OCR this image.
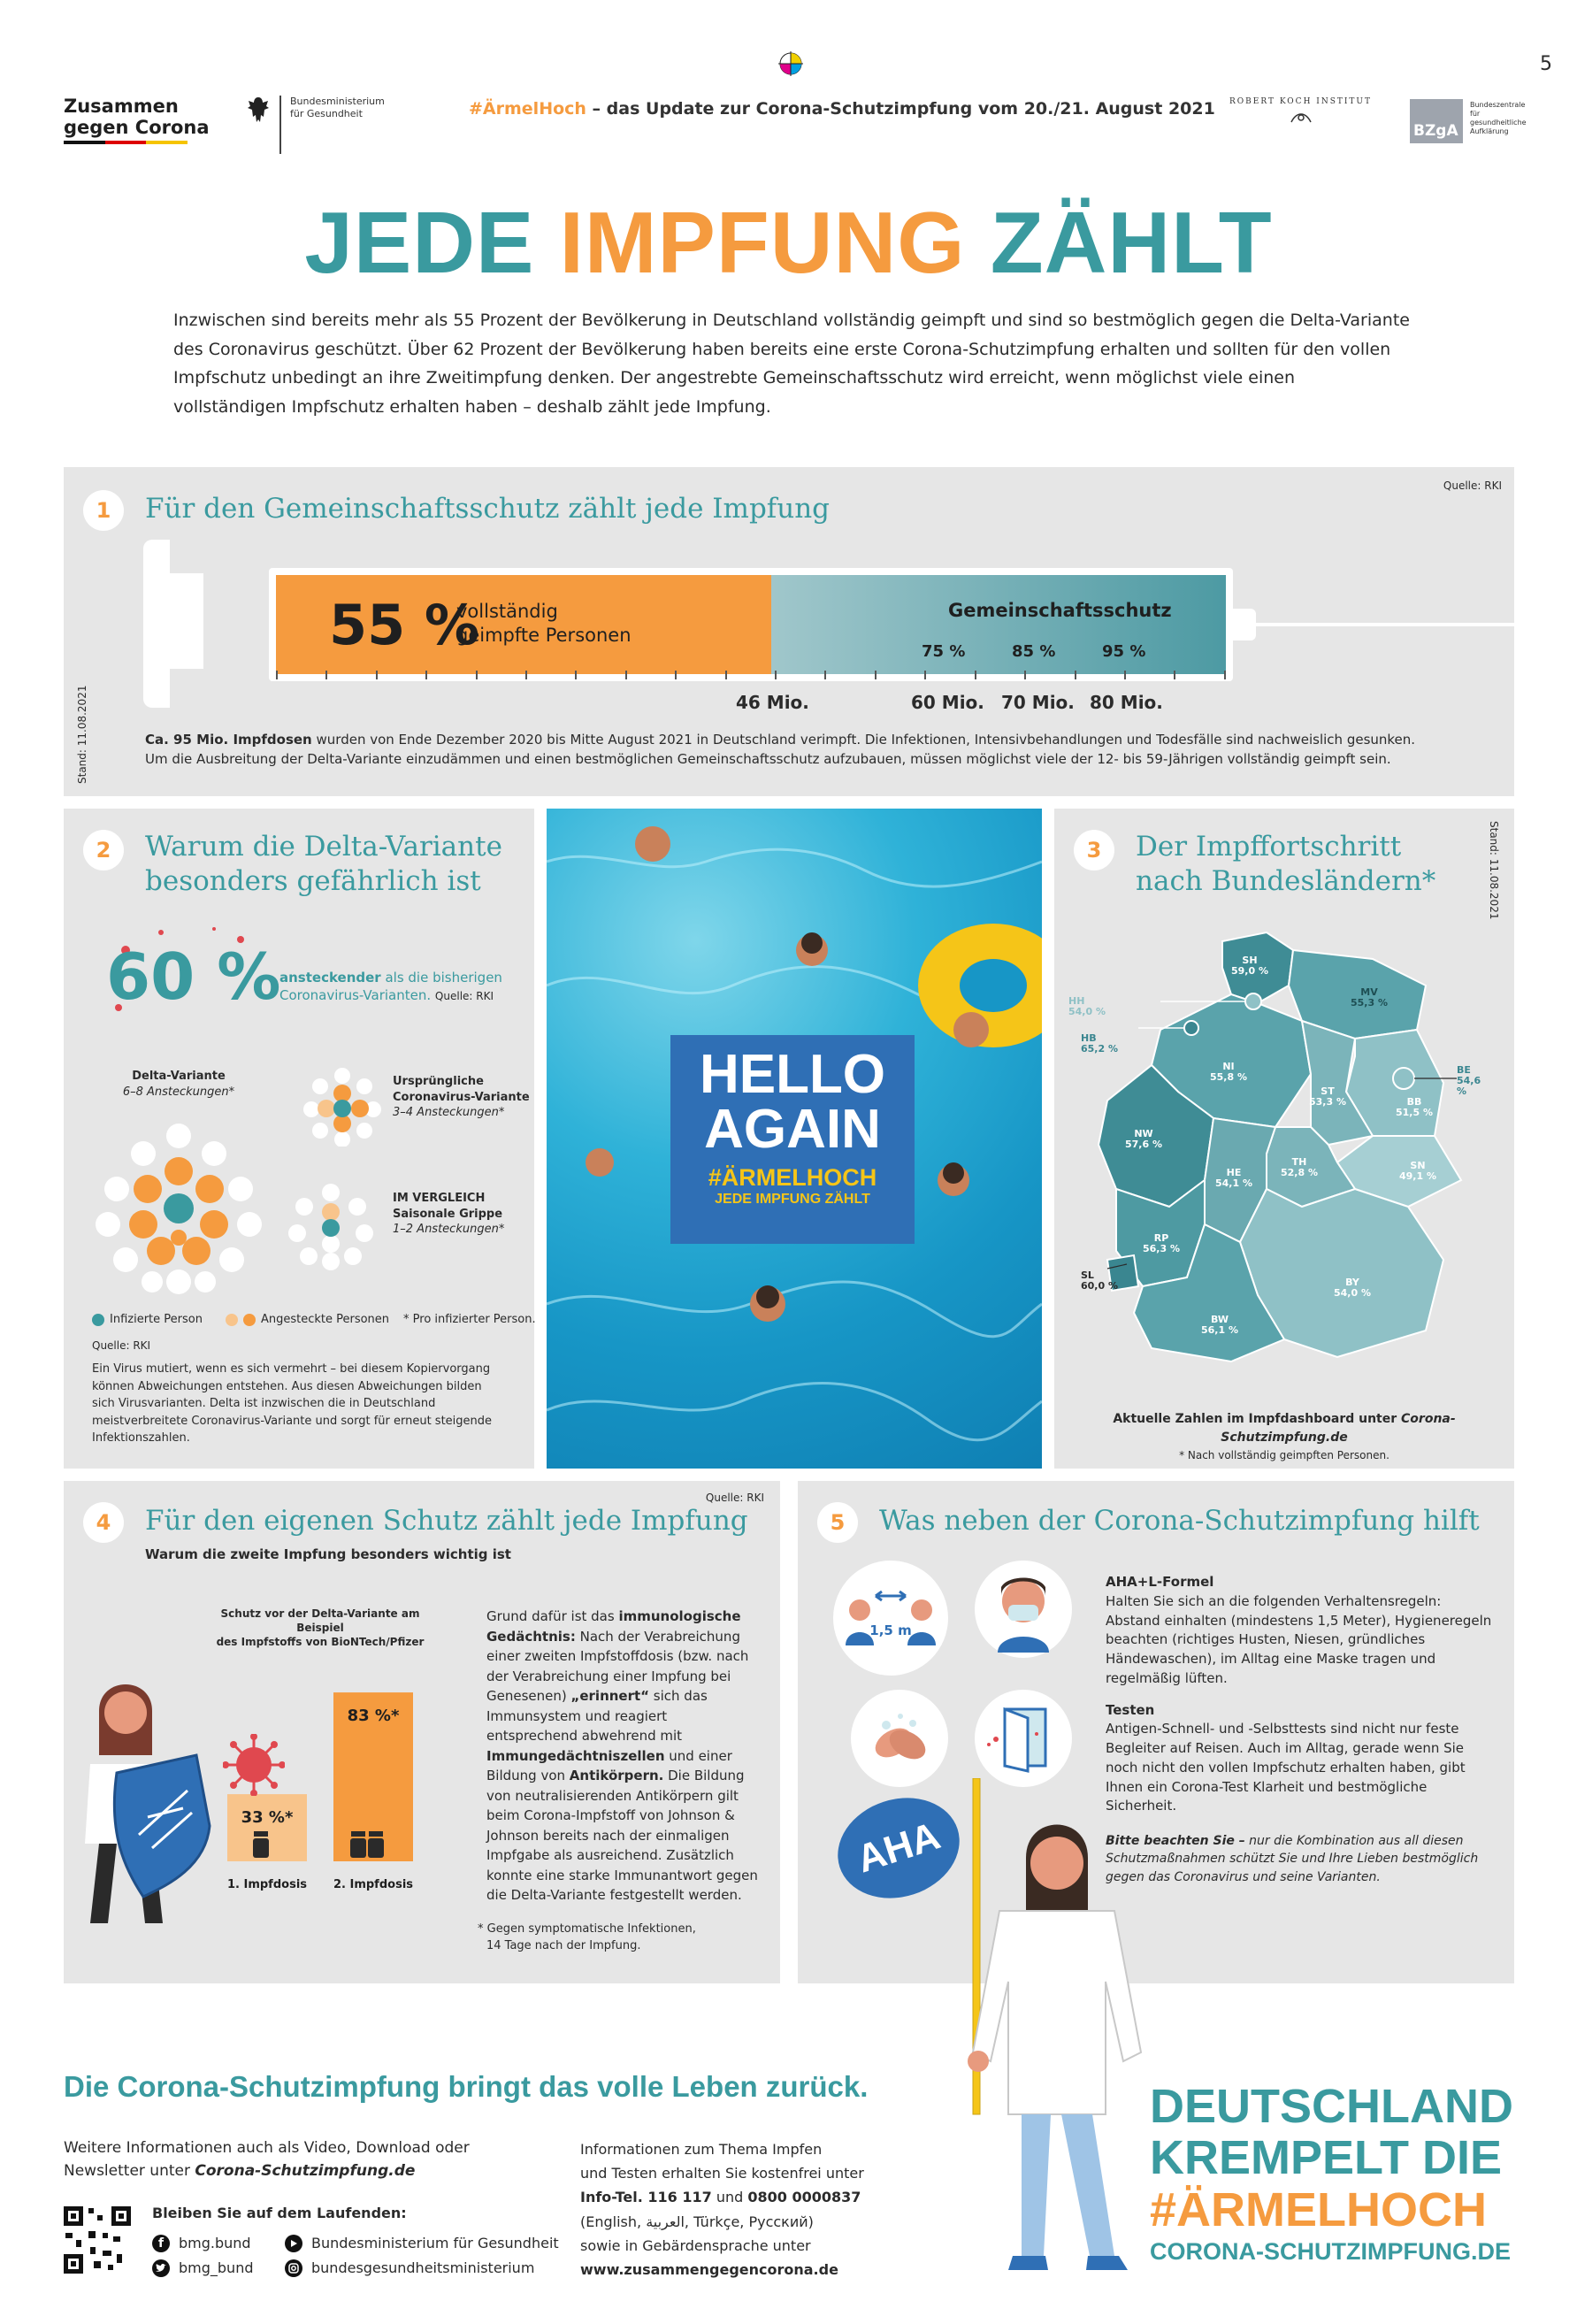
5
Zusammen
gegen Corona
Bundesministerium
für Gesundheit	#ÄrmelHoch – das Update zur Corona-Schutzimpfung vom 20./21. August 2021 ROBERT KOCH INSTITUT
BZgA
Bundeszentrale
für
gesundheitliche
Aufklärung
JEDE IMPFUNG ZÄHLT
Inzwischen sind bereits mehr als 55 Prozent der Bevölkerung in Deutschland vollständig geimpft und sind so bestmöglich gegen die Delta-Variante des Coronavirus geschützt. Über 62 Prozent der Bevölkerung haben bereits eine erste Corona-Schutzimpfung erhalten und sollten für den vollen Impfschutz unbedingt an ihre Zweitimpfung denken. Der angestrebte Gemeinschaftsschutz wird erreicht, wenn möglichst viele einen vollständigen Impfschutz erhalten haben – deshalb zählt jede Impfung.
1	Für den Gemeinschaftsschutz zählt jede Impfung
Quelle: RKI
Stand: 11.08.2021
55 %
vollständig
geimpfte Personen
Gemeinschaftsschutz
75 %	85 %	95 %
46 Mio.	60 Mio. 70 Mio. 80 Mio.
Ca. 95 Mio. Impfdosen wurden von Ende Dezember 2020 bis Mitte August 2021 in Deutschland verimpft. Die Infektionen, Intensivbehandlungen und Todesfälle sind nachweislich gesunken.
Um die Ausbreitung der Delta-Variante einzudämmen und einen bestmöglichen Gemeinschaftsschutz aufzubauen, müssen möglichst viele der 12- bis 59-Jährigen vollständig geimpft sein.
2	Warum die Delta-Variante
besonders gefährlich ist
60 %
ansteckender als die bisherigen
Coronavirus-Varianten. Quelle: RKI
Delta-Variante
6–8 Ansteckungen*
Ursprüngliche
Coronavirus-Variante
3–4 Ansteckungen*
IM VERGLEICH
Saisonale Grippe
1–2 Ansteckungen*
Infizierte Person	Angesteckte Personen * Pro infizierter Person.
Quelle: RKI
Ein Virus mutiert, wenn es sich vermehrt – bei diesem Kopiervorgang können Abweichungen entstehen. Aus diesen Abweichungen bilden sich Virusvarianten. Delta ist inzwischen die in Deutschland meistverbreitete Coronavirus-Variante und sorgt für erneut steigende Infektionszahlen.
HELLO
AGAIN
#ÄRMELHOCH
JEDE IMPFUNG ZÄHLT
3	Der Impffortschritt
nach Bundesländern*	Stand: 11.08.2021
SH
59,0 %
MV
55,3 %
HH
54,0 %
HB
65,2 %
NI
55,8 %
BE
54,6 %
BB
51,5 %
ST
53,3 %
NW
57,6 %
SN
49,1 %
HE
54,1 %
TH
52,8 %
RP
56,3 %
SL
60,0 %	BY
54,0 %
BW
56,1 %
Aktuelle Zahlen im Impfdashboard unter Corona-Schutzimpfung.de
* Nach vollständig geimpften Personen.
4	Für den eigenen Schutz zählt jede Impfung
Quelle: RKI
Warum die zweite Impfung besonders wichtig ist
Schutz vor der Delta-Variante am Beispiel
des Impfstoffs von BioNTech/Pfizer
33 %*
1. Impfdosis
83 %*
2. Impfdosis
Grund dafür ist das immunologische Gedächtnis: Nach der Verabreichung einer zweiten Impfstoffdosis (bzw. nach der Verabreichung einer Impfung bei Genesenen) „erinnert“ sich das Immunsystem und reagiert entsprechend abwehrend mit Immungedächtniszellen und einer Bildung von Antikörpern. Die Bildung von neutralisierenden Antikörpern gilt beim Corona-Impfstoff von Johnson & Johnson bereits nach der einmaligen Impfgabe als ausreichend. Zusätzlich konnte eine starke Immunantwort gegen die Delta-Variante festgestellt werden.
* Gegen symptomatische Infektionen,
14 Tage nach der Impfung.
5	Was neben der Corona-Schutzimpfung hilft
1,5 m
AHA
AHA+L-Formel
Halten Sie sich an die folgenden Verhaltensregeln: Abstand einhalten (mindestens 1,5 Meter), Hygieneregeln beachten (richtiges Husten, Niesen, gründliches Händewaschen), im Alltag eine Maske tragen und regelmäßig lüften.
Testen
Antigen-Schnell- und -Selbsttests sind nicht nur feste Begleiter auf Reisen. Auch im Alltag, gerade wenn Sie noch nicht den vollen Impfschutz erhalten haben, gibt Ihnen ein Corona-Test Klarheit und bestmögliche Sicherheit.
Bitte beachten Sie – nur die Kombination aus all diesen Schutzmaßnahmen schützt Sie und Ihre Lieben bestmöglich gegen das Coronavirus und seine Varianten.
Die Corona-Schutzimpfung bringt das volle Leben zurück.
Weitere Informationen auch als Video, Download oder
Newsletter unter Corona-Schutzimpfung.de
Bleiben Sie auf dem Laufenden:
f	bmg.bund	Bundesministerium für Gesundheit
bmg_bund	bundesgesundheitsministerium
Informationen zum Thema Impfen
und Testen erhalten Sie kostenfrei unter
Info-Tel. 116 117 und 0800 0000837
(English, العربية, Türkçe, Русский)
sowie in Gebärdensprache unter
www.zusammengegencorona.de
DEUTSCHLAND
KREMPELT DIE
#ÄRMELHOCH
CORONA-SCHUTZIMPFUNG.DE
